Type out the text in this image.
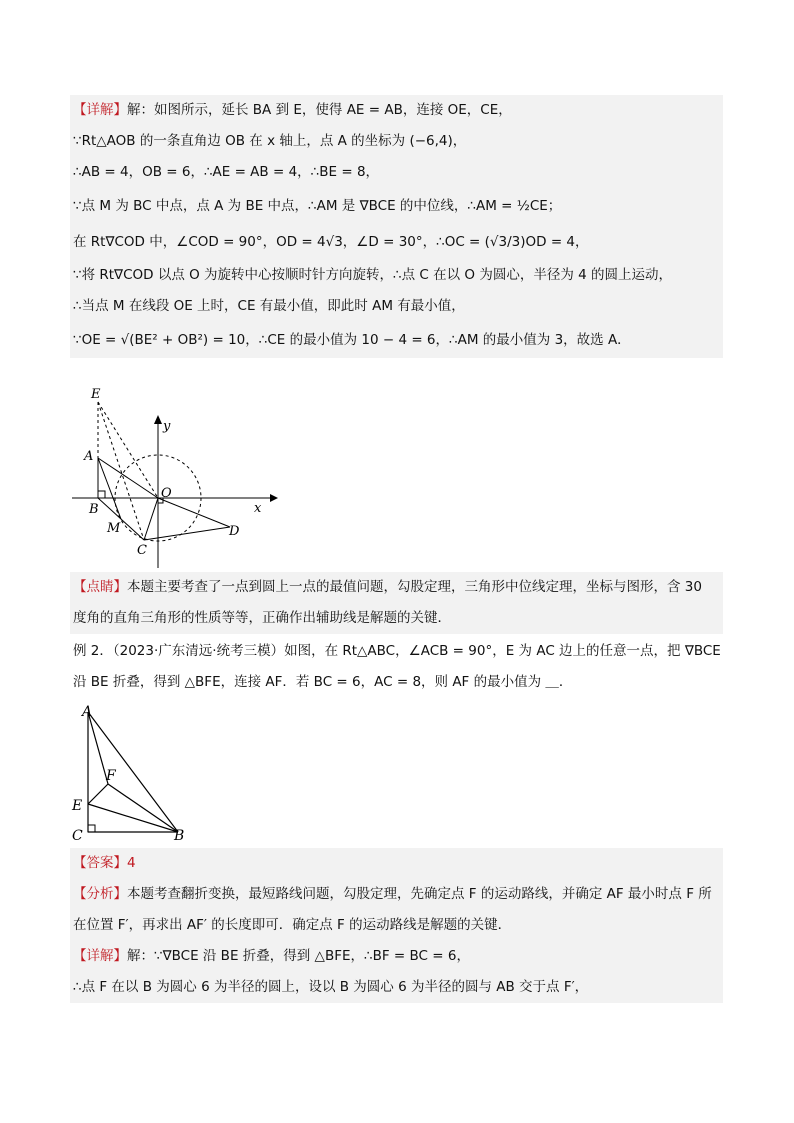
【详解】解：如图所示，延长 BA 到 E，使得 AE = AB，连接 OE，CE，
∵Rt△AOB 的一条直角边 OB 在 x 轴上，点 A 的坐标为 (−6,4)，
∴AB = 4，OB = 6，∴AE = AB = 4，∴BE = 8，
∵点 M 为 BC 中点，点 A 为 BE 中点，∴AM 是 ∇BCE 的中位线，∴AM = ½CE；
在 Rt∇COD 中，∠COD = 90°，OD = 4√3，∠D = 30°，∴OC = (√3/3)OD = 4，
∵将 Rt∇COD 以点 O 为旋转中心按顺时针方向旋转，∴点 C 在以 O 为圆心，半径为 4 的圆上运动，
∴当点 M 在线段 OE 上时，CE 有最小值，即此时 AM 有最小值，
∵OE = √(BE² + OB²) = 10，∴CE 的最小值为 10 − 4 = 6，∴AM 的最小值为 3，故选 A．
E
y
A
O
x
B
M	D
C
【点睛】本题主要考查了一点到圆上一点的最值问题，勾股定理，三角形中位线定理，坐标与图形，含 30
度角的直角三角形的性质等等，正确作出辅助线是解题的关键．
例 2．（2023·广东清远·统考三模）如图，在 Rt△ABC，∠ACB = 90°，E 为 AC 边上的任意一点，把 ∇BCE
沿 BE 折叠，得到 △BFE，连接 AF．若 BC = 6，AC = 8，则 AF 的最小值为 ＿．
A
F
E
C	B
【答案】4
【分析】本题考查翻折变换，最短路线问题，勾股定理，先确定点 F 的运动路线，并确定 AF 最小时点 F 所
在位置 F′，再求出 AF′ 的长度即可．确定点 F 的运动路线是解题的关键．
【详解】解：∵∇BCE 沿 BE 折叠，得到 △BFE，∴BF = BC = 6，
∴点 F 在以 B 为圆心 6 为半径的圆上，设以 B 为圆心 6 为半径的圆与 AB 交于点 F′，
